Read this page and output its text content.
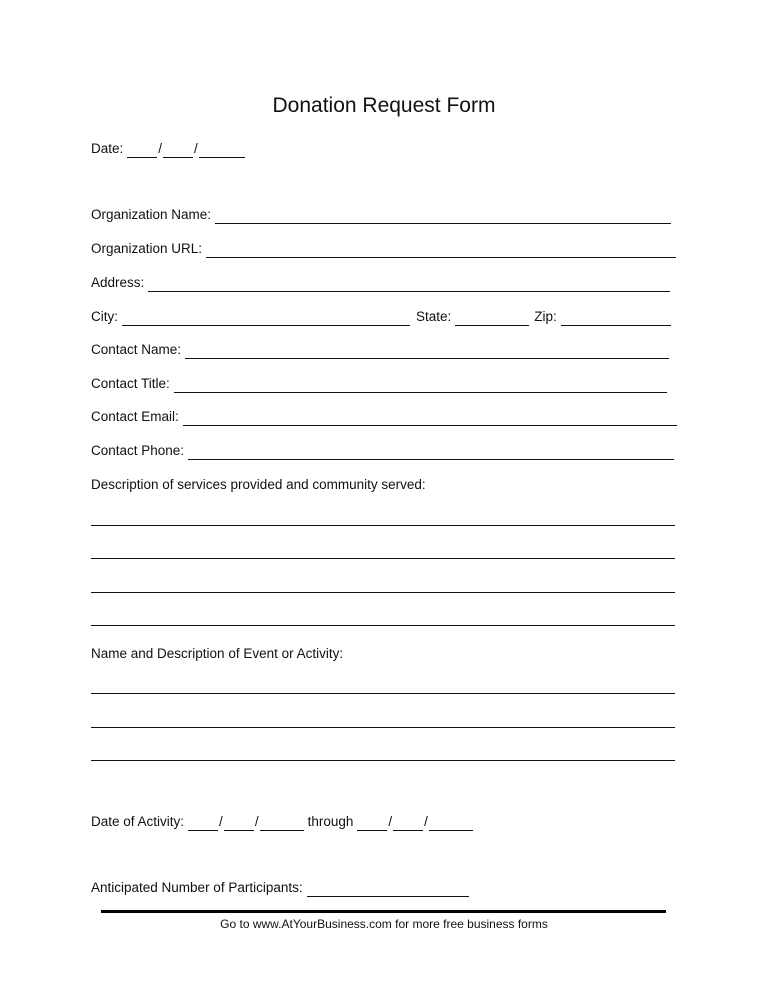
Donation Request Form
Date:	/ /
Organization Name:
Organization URL:
Address:
City:	State:	Zip:
Contact Name:
Contact Title:
Contact Email:
Contact Phone:
Description of services provided and community served:
Name and Description of Event or Activity:
Date of Activity:	/ /	through	/ /
Anticipated Number of Participants:
Go to www.AtYourBusiness.com for more free business forms
